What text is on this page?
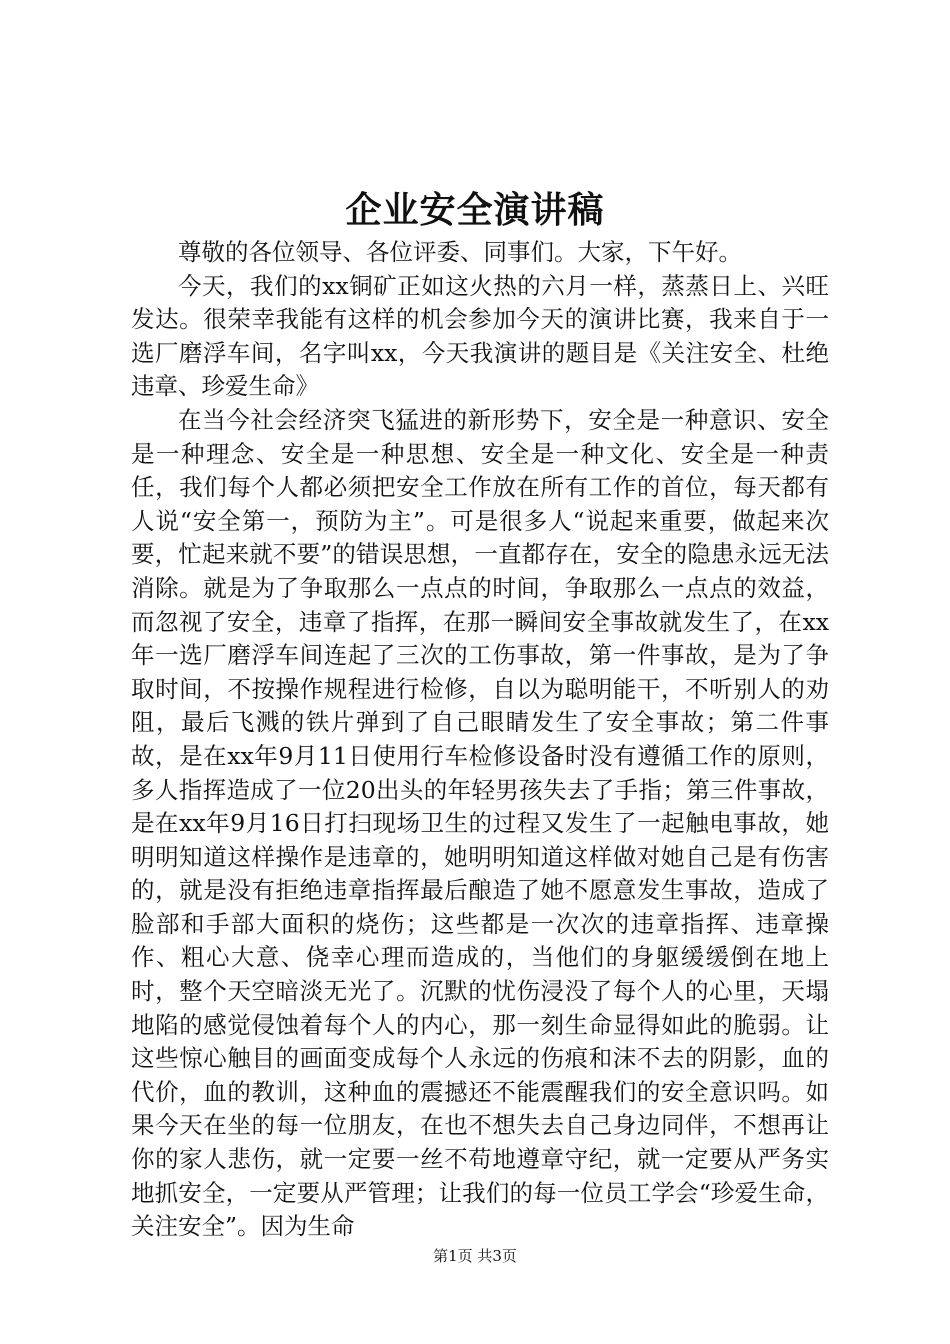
企业安全演讲稿

尊敬的各位领导、各位评委、同事们。大家，下午好。

今天，我们的xx铜矿正如这火热的六月一样，蒸蒸日上、兴旺发达。很荣幸我能有这样的机会参加今天的演讲比赛，我来自于一选厂磨浮车间，名字叫xx，今天我演讲的题目是《关注安全、杜绝违章、珍爱生命》

在当今社会经济突飞猛进的新形势下，安全是一种意识、安全是一种理念、安全是一种思想、安全是一种文化、安全是一种责任，我们每个人都必须把安全工作放在所有工作的首位，每天都有人说“安全第一，预防为主”。可是很多人“说起来重要，做起来次要，忙起来就不要”的错误思想，一直都存在，安全的隐患永远无法消除。就是为了争取那么一点点的时间，争取那么一点点的效益，而忽视了安全，违章了指挥，在那一瞬间安全事故就发生了，在xx年一选厂磨浮车间连起了三次的工伤事故，第一件事故，是为了争取时间，不按操作规程进行检修，自以为聪明能干，不听别人的劝阻，最后飞溅的铁片弹到了自己眼睛发生了安全事故；第二件事故，是在xx年9月11日使用行车检修设备时没有遵循工作的原则，多人指挥造成了一位20出头的年轻男孩失去了手指；第三件事故，是在xx年9月16日打扫现场卫生的过程又发生了一起触电事故，她明明知道这样操作是违章的，她明明知道这样做对她自己是有伤害的，就是没有拒绝违章指挥最后酿造了她不愿意发生事故，造成了脸部和手部大面积的烧伤；这些都是一次次的违章指挥、违章操作、粗心大意、侥幸心理而造成的，当他们的身躯缓缓倒在地上时，整个天空暗淡无光了。沉默的忧伤浸没了每个人的心里，天塌地陷的感觉侵蚀着每个人的内心，那一刻生命显得如此的脆弱。让这些惊心触目的画面变成每个人永远的伤痕和沫不去的阴影，血的代价，血的教训，这种血的震撼还不能震醒我们的安全意识吗。如果今天在坐的每一位朋友，在也不想失去自己身边同伴，不想再让你的家人悲伤，就一定要一丝不苟地遵章守纪，就一定要从严务实地抓安全，一定要从严管理；让我们的每一位员工学会“珍爱生命，关注安全”。因为生命

第1页 共3页
